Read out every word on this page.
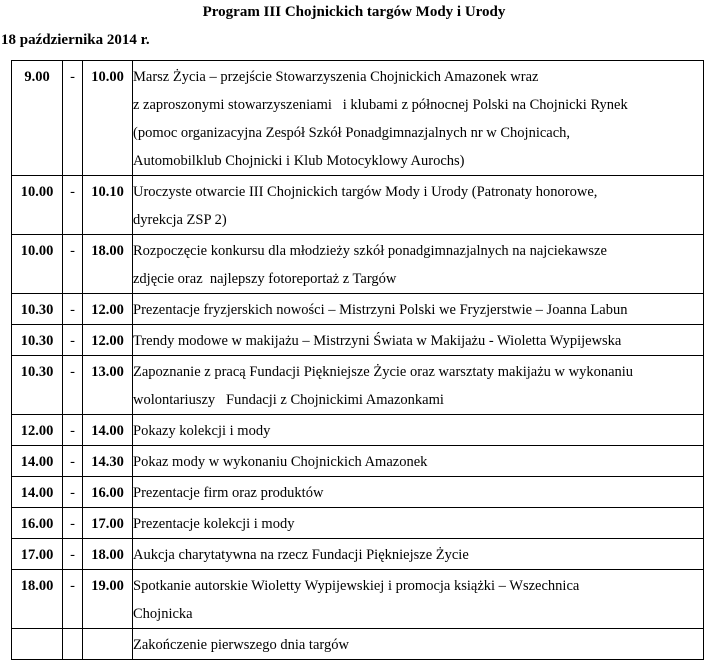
Program III Chojnickich targów Mody i Urody
18 października 2014 r.
9.00	-	10.00	Marsz Życia – przejście Stowarzyszenia Chojnickich Amazonek wraz
z zaproszonymi stowarzyszeniami   i klubami z północnej Polski na Chojnicki Rynek
(pomoc organizacyjna Zespół Szkół Ponadgimnazjalnych nr w Chojnicach,
Automobilklub Chojnicki i Klub Motocyklowy Aurochs)

10.00	-	10.10	Uroczyste otwarcie III Chojnickich targów Mody i Urody (Patronaty honorowe,
dyrekcja ZSP 2)

10.00	-	18.00	Rozpoczęcie konkursu dla młodzieży szkół ponadgimnazjalnych na najciekawsze
zdjęcie oraz  najlepszy fotoreportaż z Targów

10.30	-	12.00	Prezentacje fryzjerskich nowości – Mistrzyni Polski we Fryzjerstwie – Joanna Labun

10.30	-	12.00	Trendy modowe w makijażu – Mistrzyni Świata w Makijażu - Wioletta Wypijewska

10.30	-	13.00	Zapoznanie z pracą Fundacji Piękniejsze Życie oraz warsztaty makijażu w wykonaniu
wolontariuszy   Fundacji z Chojnickimi Amazonkami

12.00	-	14.00	Pokazy kolekcji i mody

14.00	-	14.30	Pokaz mody w wykonaniu Chojnickich Amazonek

14.00	-	16.00	Prezentacje firm oraz produktów

16.00	-	17.00	Prezentacje kolekcji i mody

17.00	-	18.00	Aukcja charytatywna na rzecz Fundacji Piękniejsze Życie

18.00	-	19.00	Spotkanie autorskie Wioletty Wypijewskiej i promocja książki – Wszechnica
Chojnicka

			Zakończenie pierwszego dnia targów
